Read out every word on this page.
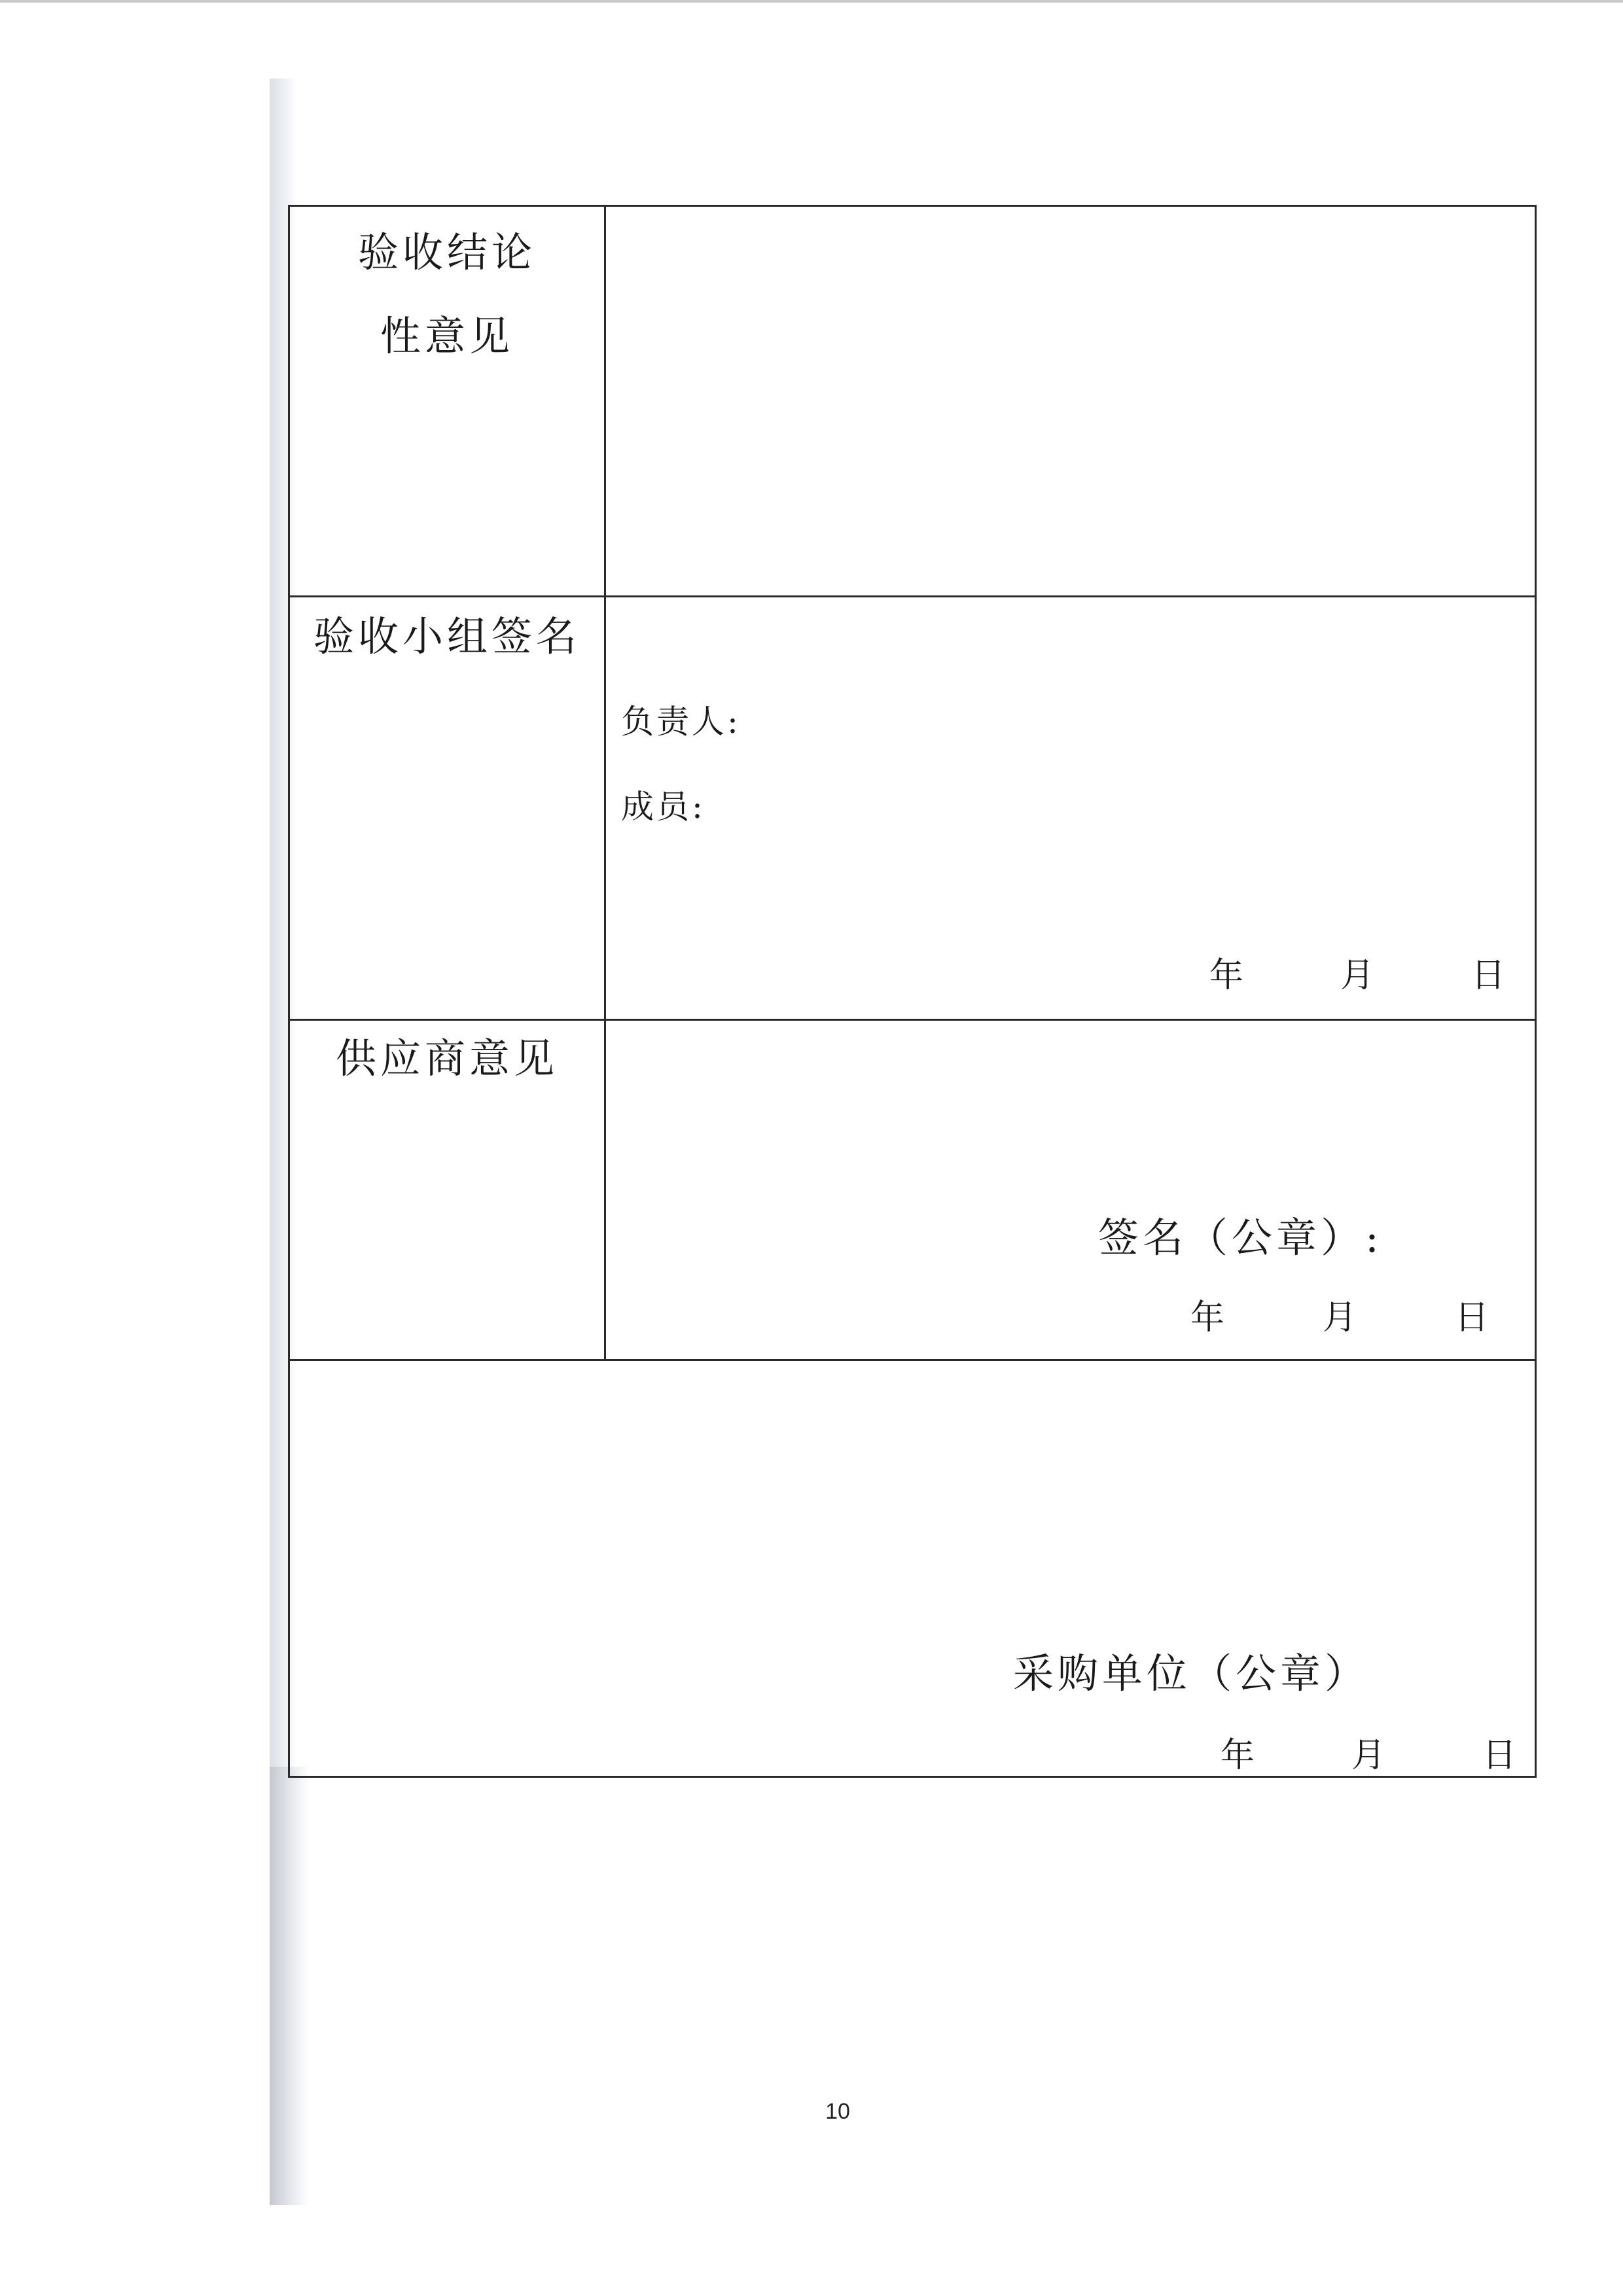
验收结论
性意见
验收小组签名
负责人:
成员:
年	月	日
供应商意见
签名（公章）:
年	月	日
采购单位（公章）
年	月	日
10
